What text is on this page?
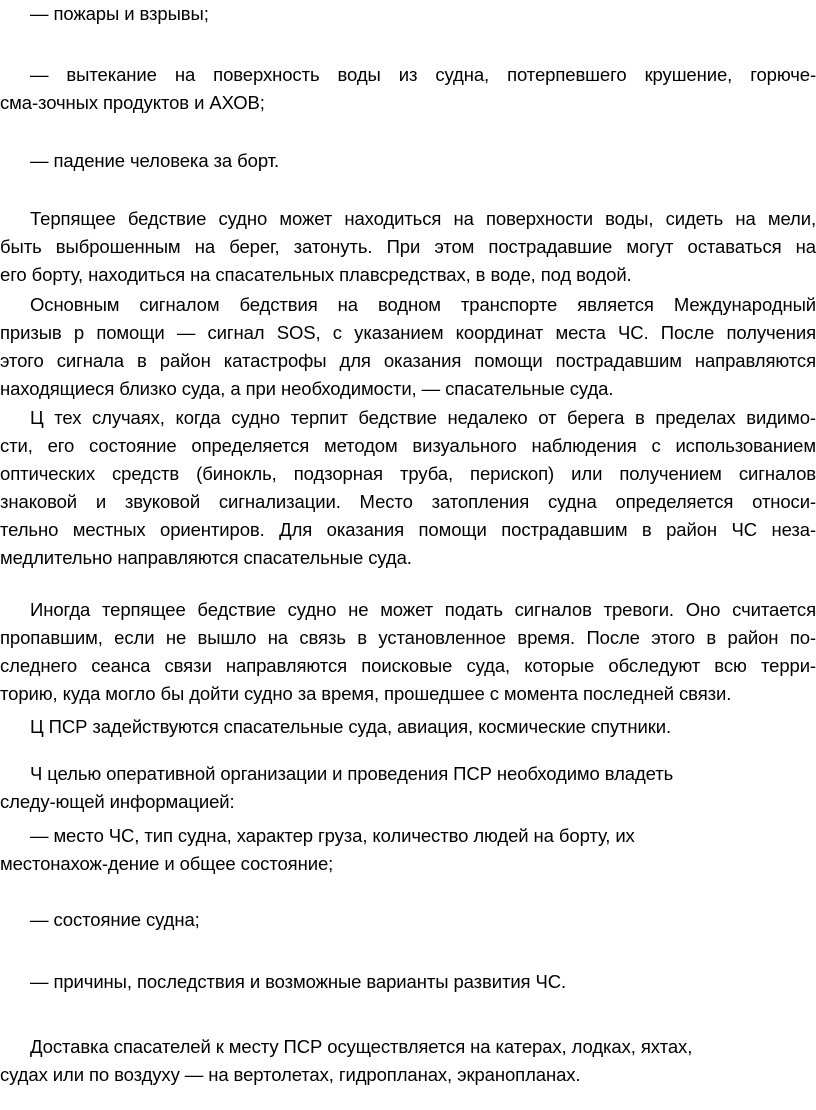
— пожары и взрывы;
— вытекание на поверхность воды из судна, потерпевшего крушение, горюче-
сма-зочных продуктов и АХОВ;
— падение человека за борт.
Терпящее бедствие судно может находиться на поверхности воды, сидеть на мели,
быть выброшенным на берег, затонуть. При этом пострадавшие могут оставаться на
его борту, находиться на спасательных плавсредствах, в воде, под водой.
Основным сигналом бедствия на водном транспорте является Международный
призыв р помощи — сигнал SOS, с указанием координат места ЧС. После получения
этого сигнала в район катастрофы для оказания помощи пострадавшим направляются
находящиеся близко суда, а при необходимости, — спасательные суда.
Ц тех случаях, когда судно терпит бедствие недалеко от берега в пределах видимо-
сти, его состояние определяется методом визуального наблюдения с использованием
оптических средств (бинокль, подзорная труба, перископ) или получением сигналов
знаковой и звуковой сигнализации. Место затопления судна определяется относи-
тельно местных ориентиров. Для оказания помощи пострадавшим в район ЧС неза-
медлительно направляются спасательные суда.
Иногда терпящее бедствие судно не может подать сигналов тревоги. Оно считается
пропавшим, если не вышло на связь в установленное время. После этого в район по-
следнего сеанса связи направляются поисковые суда, которые обследуют всю терри-
торию, куда могло бы дойти судно за время, прошедшее с момента последней связи.
Ц ПСР задействуются спасательные суда, авиация, космические спутники.
Ч целью оперативной организации и проведения ПСР необходимо владеть
следу-ющей информацией:
— место ЧС, тип судна, характер груза, количество людей на борту, их
местонахож-дение и общее состояние;
— состояние судна;
— причины, последствия и возможные варианты развития ЧС.
Доставка спасателей к месту ПСР осуществляется на катерах, лодках, яхтах,
судах или по воздуху — на вертолетах, гидропланах, экранопланах.
